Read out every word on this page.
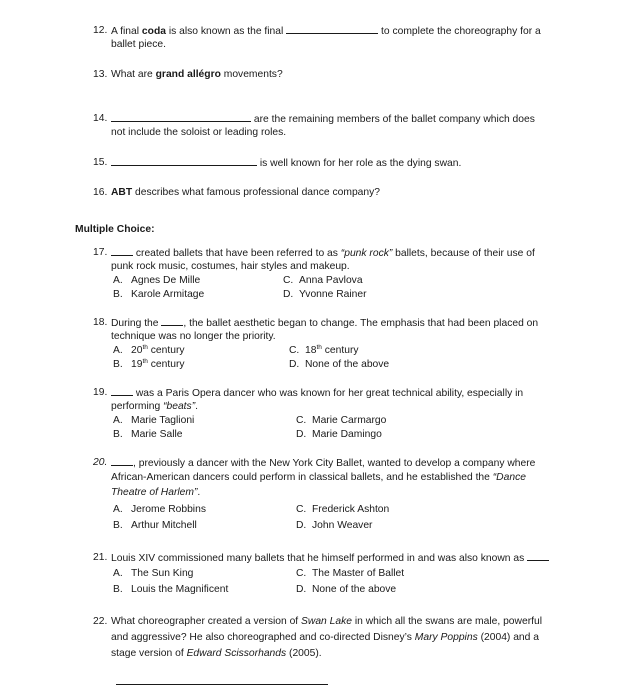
12. A final coda is also known as the final	to complete the choreography for a
ballet piece.
13. What are grand allégro movements?
14.	are the remaining members of the ballet company which does
not include the soloist or leading roles.
15.	is well known for her role as the dying swan.
16. ABT describes what famous professional dance company?
Multiple Choice:
17.	created ballets that have been referred to as “punk rock” ballets, because of their use of
punk rock music, costumes, hair styles and makeup.
A. Agnes De Mille
B. Karole Armitage
C. Anna Pavlova
D. Yvonne Rainer
18. During the , the ballet aesthetic began to change. The emphasis that had been placed on
technique was no longer the priority.
A. 20th century
B. 19th century
C. 18th century
D. None of the above
19.	was a Paris Opera dancer who was known for her great technical ability, especially in
performing “beats”.
A. Marie Taglioni
B. Marie Salle
C. Marie Carmargo
D. Marie Damingo
20.	, previously a dancer with the New York City Ballet, wanted to develop a company where
African-American dancers could perform in classical ballets, and he established the “Dance
Theatre of Harlem”.
A. Jerome Robbins
B. Arthur Mitchell
C. Frederick Ashton
D. John Weaver
21. Louis XIV commissioned many ballets that he himself performed in and was also known as
A. The Sun King
B. Louis the Magnificent
C. The Master of Ballet
D. None of the above
22. What choreographer created a version of Swan Lake in which all the swans are male, powerful
and aggressive? He also choreographed and co-directed Disney’s Mary Poppins (2004) and a
stage version of Edward Scissorhands (2005).
